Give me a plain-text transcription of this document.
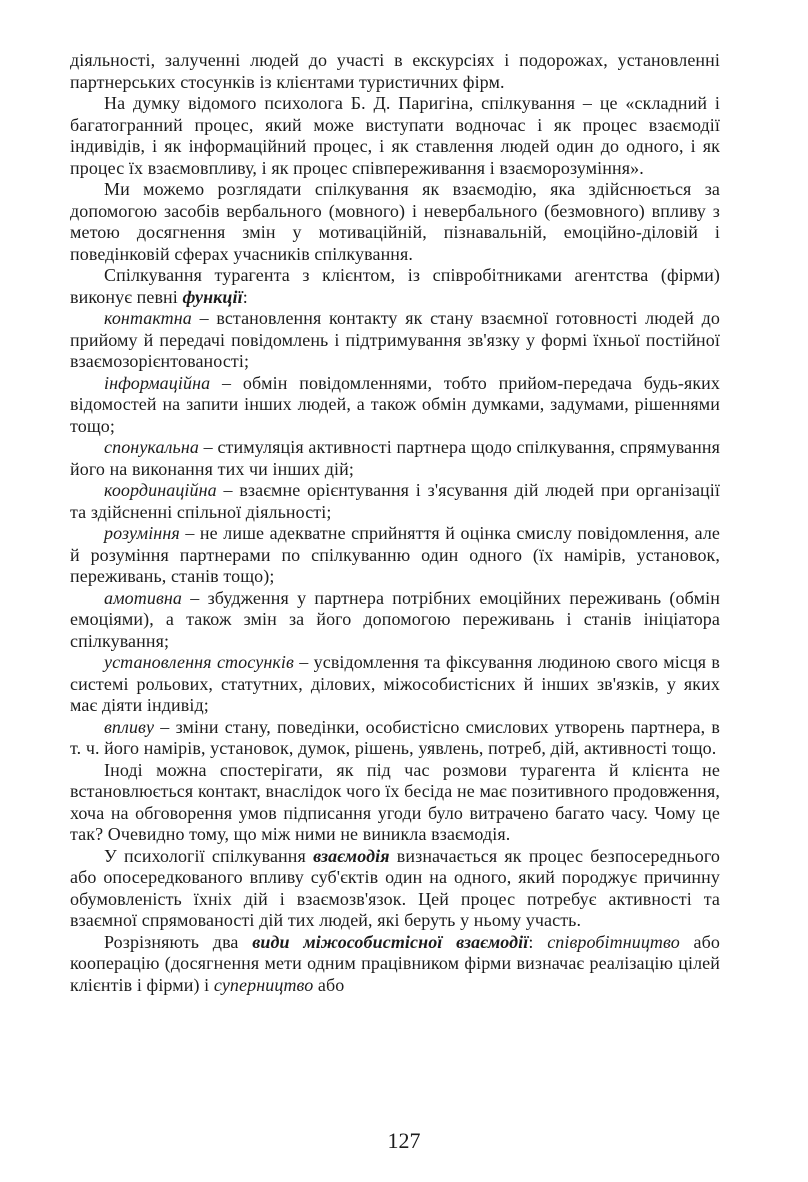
діяльності, залученні людей до участі в екскурсіях і подорожах, установленні партнерських стосунків із клієнтами туристичних фірм.

На думку відомого психолога Б. Д. Паригіна, спілкування – це «складний і багатогранний процес, який може виступати водночас і як процес взаємодії індивідів, і як інформаційний процес, і як ставлення людей один до одного, і як процес їх взаємовпливу, і як процес співпереживання і взаєморозуміння».

Ми можемо розглядати спілкування як взаємодію, яка здійснюється за допомогою засобів вербального (мовного) і невербального (безмовного) впливу з метою досягнення змін у мотиваційній, пізнавальній, емоційно-діловій і поведінковій сферах учасників спілкування.

Спілкування турагента з клієнтом, із співробітниками агентства (фірми) виконує певні функції:

контактна – встановлення контакту як стану взаємної готовності людей до прийому й передачі повідомлень і підтримування зв'язку у формі їхньої постійної взаємозорієнтованості;

інформаційна – обмін повідомленнями, тобто прийом-передача будь-яких відомостей на запити інших людей, а також обмін думками, задумами, рішеннями тощо;

спонукальна – стимуляція активності партнера щодо спілкування, спрямування його на виконання тих чи інших дій;

координаційна – взаємне орієнтування і з'ясування дій людей при організації та здійсненні спільної діяльності;

розуміння – не лише адекватне сприйняття й оцінка смислу повідомлення, але й розуміння партнерами по спілкуванню один одного (їх намірів, установок, переживань, станів тощо);

амотивна – збудження у партнера потрібних емоційних переживань (обмін емоціями), а також змін за його допомогою переживань і станів ініціатора спілкування;

установлення стосунків – усвідомлення та фіксування людиною свого місця в системі рольових, статутних, ділових, міжособистісних й інших зв'язків, у яких має діяти індивід;

впливу – зміни стану, поведінки, особистісно смислових утворень партнера, в т. ч. його намірів, установок, думок, рішень, уявлень, потреб, дій, активності тощо.

Іноді можна спостерігати, як під час розмови турагента й клієнта не встановлюється контакт, внаслідок чого їх бесіда не має позитивного продовження, хоча на обговорення умов підписання угоди було витрачено багато часу. Чому це так? Очевидно тому, що між ними не виникла взаємодія.

У психології спілкування взаємодія визначається як процес безпосереднього або опосередкованого впливу суб'єктів один на одного, який породжує причинну обумовленість їхніх дій і взаємозв'язок. Цей процес потребує активності та взаємної спрямованості дій тих людей, які беруть у ньому участь.

Розрізняють два види міжособистісної взаємодії: співробітництво або кооперацію (досягнення мети одним працівником фірми визначає реалізацію цілей клієнтів і фірми) і суперництво або

127
